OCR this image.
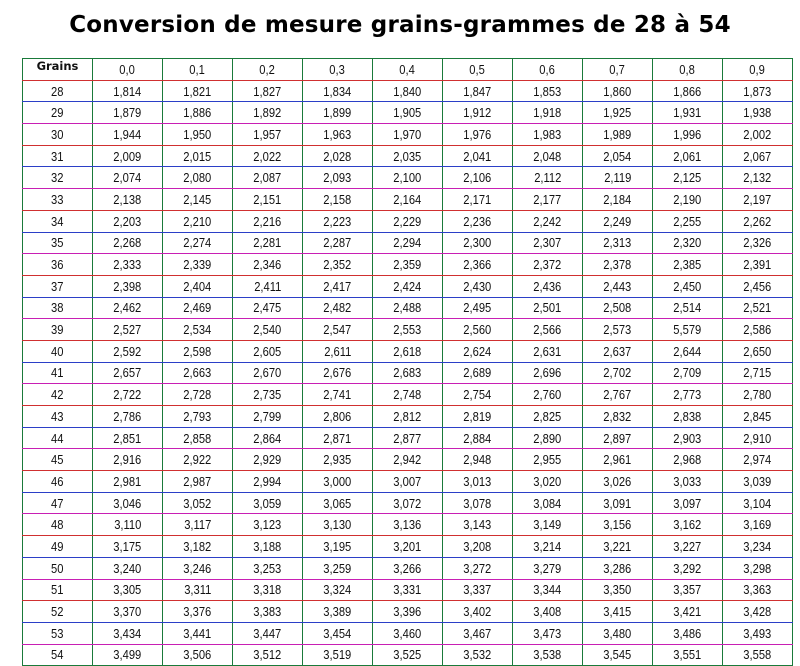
Conversion de mesure grains-grammes de 28 à 54
Grains	0,0	0,1	0,2	0,3	0,4	0,5	0,6	0,7	0,8	0,9
28	1,814	1,821	1,827	1,834	1,840	1,847	1,853	1,860	1,866	1,873
29	1,879	1,886	1,892	1,899	1,905	1,912	1,918	1,925	1,931	1,938
30	1,944	1,950	1,957	1,963	1,970	1,976	1,983	1,989	1,996	2,002
31	2,009	2,015	2,022	2,028	2,035	2,041	2,048	2,054	2,061	2,067
32	2,074	2,080	2,087	2,093	2,100	2,106	2,112	2,119	2,125	2,132
33	2,138	2,145	2,151	2,158	2,164	2,171	2,177	2,184	2,190	2,197
34	2,203	2,210	2,216	2,223	2,229	2,236	2,242	2,249	2,255	2,262
35	2,268	2,274	2,281	2,287	2,294	2,300	2,307	2,313	2,320	2,326
36	2,333	2,339	2,346	2,352	2,359	2,366	2,372	2,378	2,385	2,391
37	2,398	2,404	2,411	2,417	2,424	2,430	2,436	2,443	2,450	2,456
38	2,462	2,469	2,475	2,482	2,488	2,495	2,501	2,508	2,514	2,521
39	2,527	2,534	2,540	2,547	2,553	2,560	2,566	2,573	5,579	2,586
40	2,592	2,598	2,605	2,611	2,618	2,624	2,631	2,637	2,644	2,650
41	2,657	2,663	2,670	2,676	2,683	2,689	2,696	2,702	2,709	2,715
42	2,722	2,728	2,735	2,741	2,748	2,754	2,760	2,767	2,773	2,780
43	2,786	2,793	2,799	2,806	2,812	2,819	2,825	2,832	2,838	2,845
44	2,851	2,858	2,864	2,871	2,877	2,884	2,890	2,897	2,903	2,910
45	2,916	2,922	2,929	2,935	2,942	2,948	2,955	2,961	2,968	2,974
46	2,981	2,987	2,994	3,000	3,007	3,013	3,020	3,026	3,033	3,039
47	3,046	3,052	3,059	3,065	3,072	3,078	3,084	3,091	3,097	3,104
48	3,110	3,117	3,123	3,130	3,136	3,143	3,149	3,156	3,162	3,169
49	3,175	3,182	3,188	3,195	3,201	3,208	3,214	3,221	3,227	3,234
50	3,240	3,246	3,253	3,259	3,266	3,272	3,279	3,286	3,292	3,298
51	3,305	3,311	3,318	3,324	3,331	3,337	3,344	3,350	3,357	3,363
52	3,370	3,376	3,383	3,389	3,396	3,402	3,408	3,415	3,421	3,428
53	3,434	3,441	3,447	3,454	3,460	3,467	3,473	3,480	3,486	3,493
54	3,499	3,506	3,512	3,519	3,525	3,532	3,538	3,545	3,551	3,558
